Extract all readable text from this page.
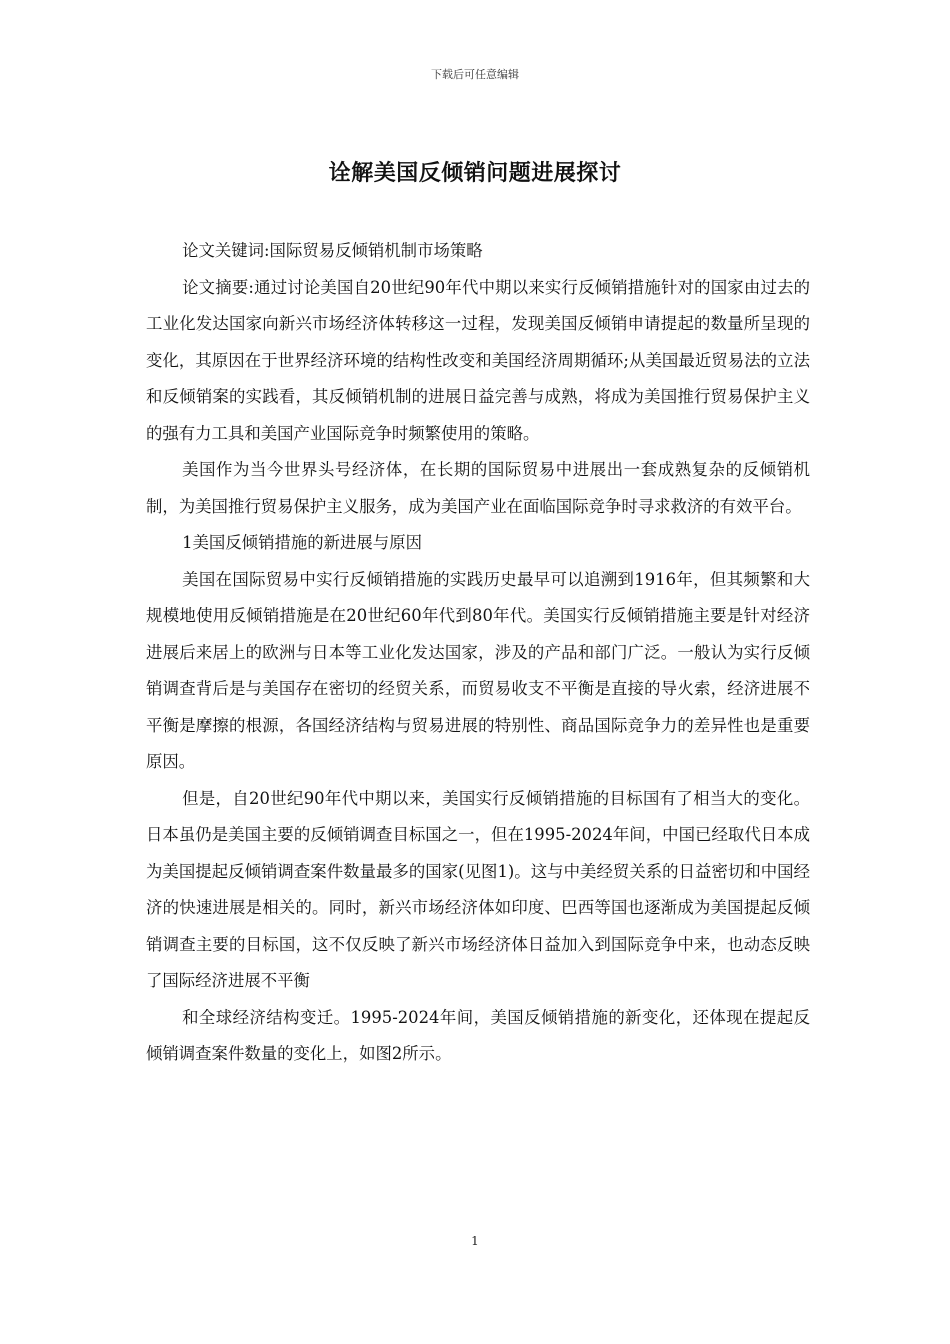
下载后可任意编辑
诠解美国反倾销问题进展探讨

论文关键词:国际贸易反倾销机制市场策略

论文摘要:通过讨论美国自20世纪90年代中期以来实行反倾销措施针对的国家由过去的工业化发达国家向新兴市场经济体转移这一过程，发现美国反倾销申请提起的数量所呈现的变化，其原因在于世界经济环境的结构性改变和美国经济周期循环;从美国最近贸易法的立法和反倾销案的实践看，其反倾销机制的进展日益完善与成熟，将成为美国推行贸易保护主义的强有力工具和美国产业国际竞争时频繁使用的策略。

美国作为当今世界头号经济体，在长期的国际贸易中进展出一套成熟复杂的反倾销机制，为美国推行贸易保护主义服务，成为美国产业在面临国际竞争时寻求救济的有效平台。

1美国反倾销措施的新进展与原因

美国在国际贸易中实行反倾销措施的实践历史最早可以追溯到1916年，但其频繁和大规模地使用反倾销措施是在20世纪60年代到80年代。美国实行反倾销措施主要是针对经济进展后来居上的欧洲与日本等工业化发达国家，涉及的产品和部门广泛。一般认为实行反倾销调查背后是与美国存在密切的经贸关系，而贸易收支不平衡是直接的导火索，经济进展不平衡是摩擦的根源，各国经济结构与贸易进展的特别性、商品国际竞争力的差异性也是重要原因。

但是，自20世纪90年代中期以来，美国实行反倾销措施的目标国有了相当大的变化。日本虽仍是美国主要的反倾销调查目标国之一，但在1995-2024年间，中国已经取代日本成为美国提起反倾销调查案件数量最多的国家(见图1)。这与中美经贸关系的日益密切和中国经济的快速进展是相关的。同时，新兴市场经济体如印度、巴西等国也逐渐成为美国提起反倾销调查主要的目标国，这不仅反映了新兴市场经济体日益加入到国际竞争中来，也动态反映了国际经济进展不平衡

和全球经济结构变迁。1995-2024年间，美国反倾销措施的新变化，还体现在提起反倾销调查案件数量的变化上，如图2所示。

1
